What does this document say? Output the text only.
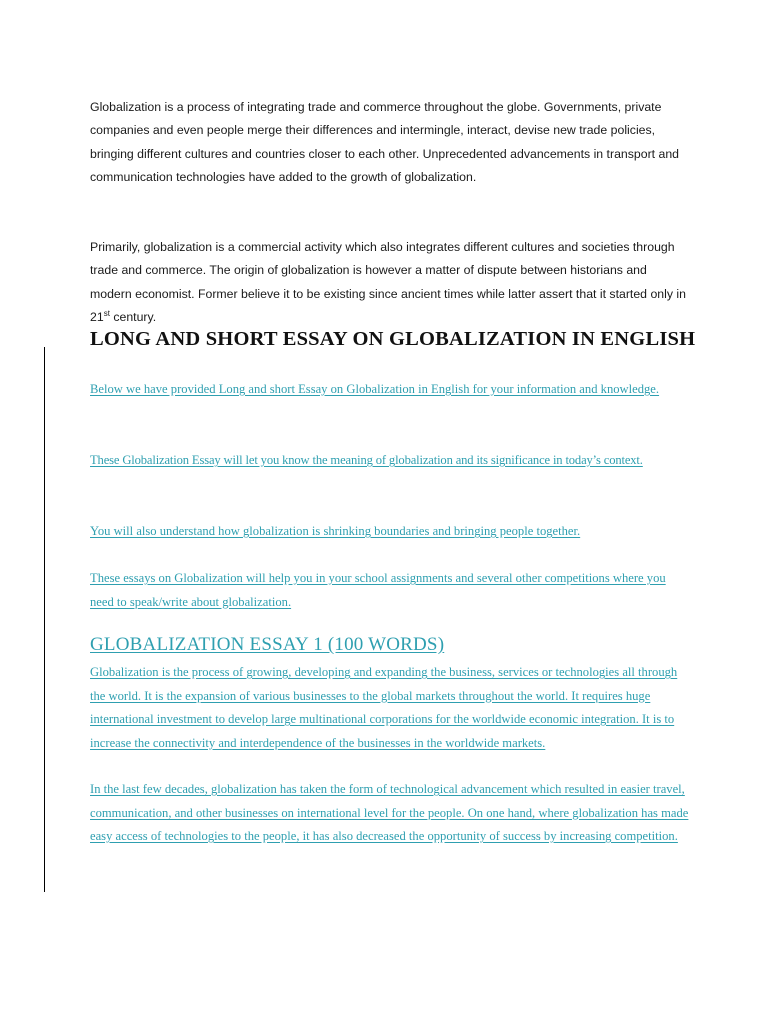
Globalization is a process of integrating trade and commerce throughout the globe. Governments, private companies and even people merge their differences and intermingle, interact, devise new trade policies, bringing different cultures and countries closer to each other. Unprecedented advancements in transport and communication technologies have added to the growth of globalization.

Primarily, globalization is a commercial activity which also integrates different cultures and societies through trade and commerce. The origin of globalization is however a matter of dispute between historians and modern economist. Former believe it to be existing since ancient times while latter assert that it started only in 21st century.

LONG AND SHORT ESSAY ON GLOBALIZATION IN ENGLISH

Below we have provided Long and short Essay on Globalization in English for your information and knowledge.

These Globalization Essay will let you know the meaning of globalization and its significance in today’s context.

You will also understand how globalization is shrinking boundaries and bringing people together.

These essays on Globalization will help you in your school assignments and several other competitions where you need to speak/write about globalization.

GLOBALIZATION ESSAY 1 (100 WORDS)

Globalization is the process of growing, developing and expanding the business, services or technologies all through the world. It is the expansion of various businesses to the global markets throughout the world. It requires huge international investment to develop large multinational corporations for the worldwide economic integration. It is to increase the connectivity and interdependence of the businesses in the worldwide markets.

In the last few decades, globalization has taken the form of technological advancement which resulted in easier travel, communication, and other businesses on international level for the people. On one hand, where globalization has made easy access of technologies to the people, it has also decreased the opportunity of success by increasing competition.
